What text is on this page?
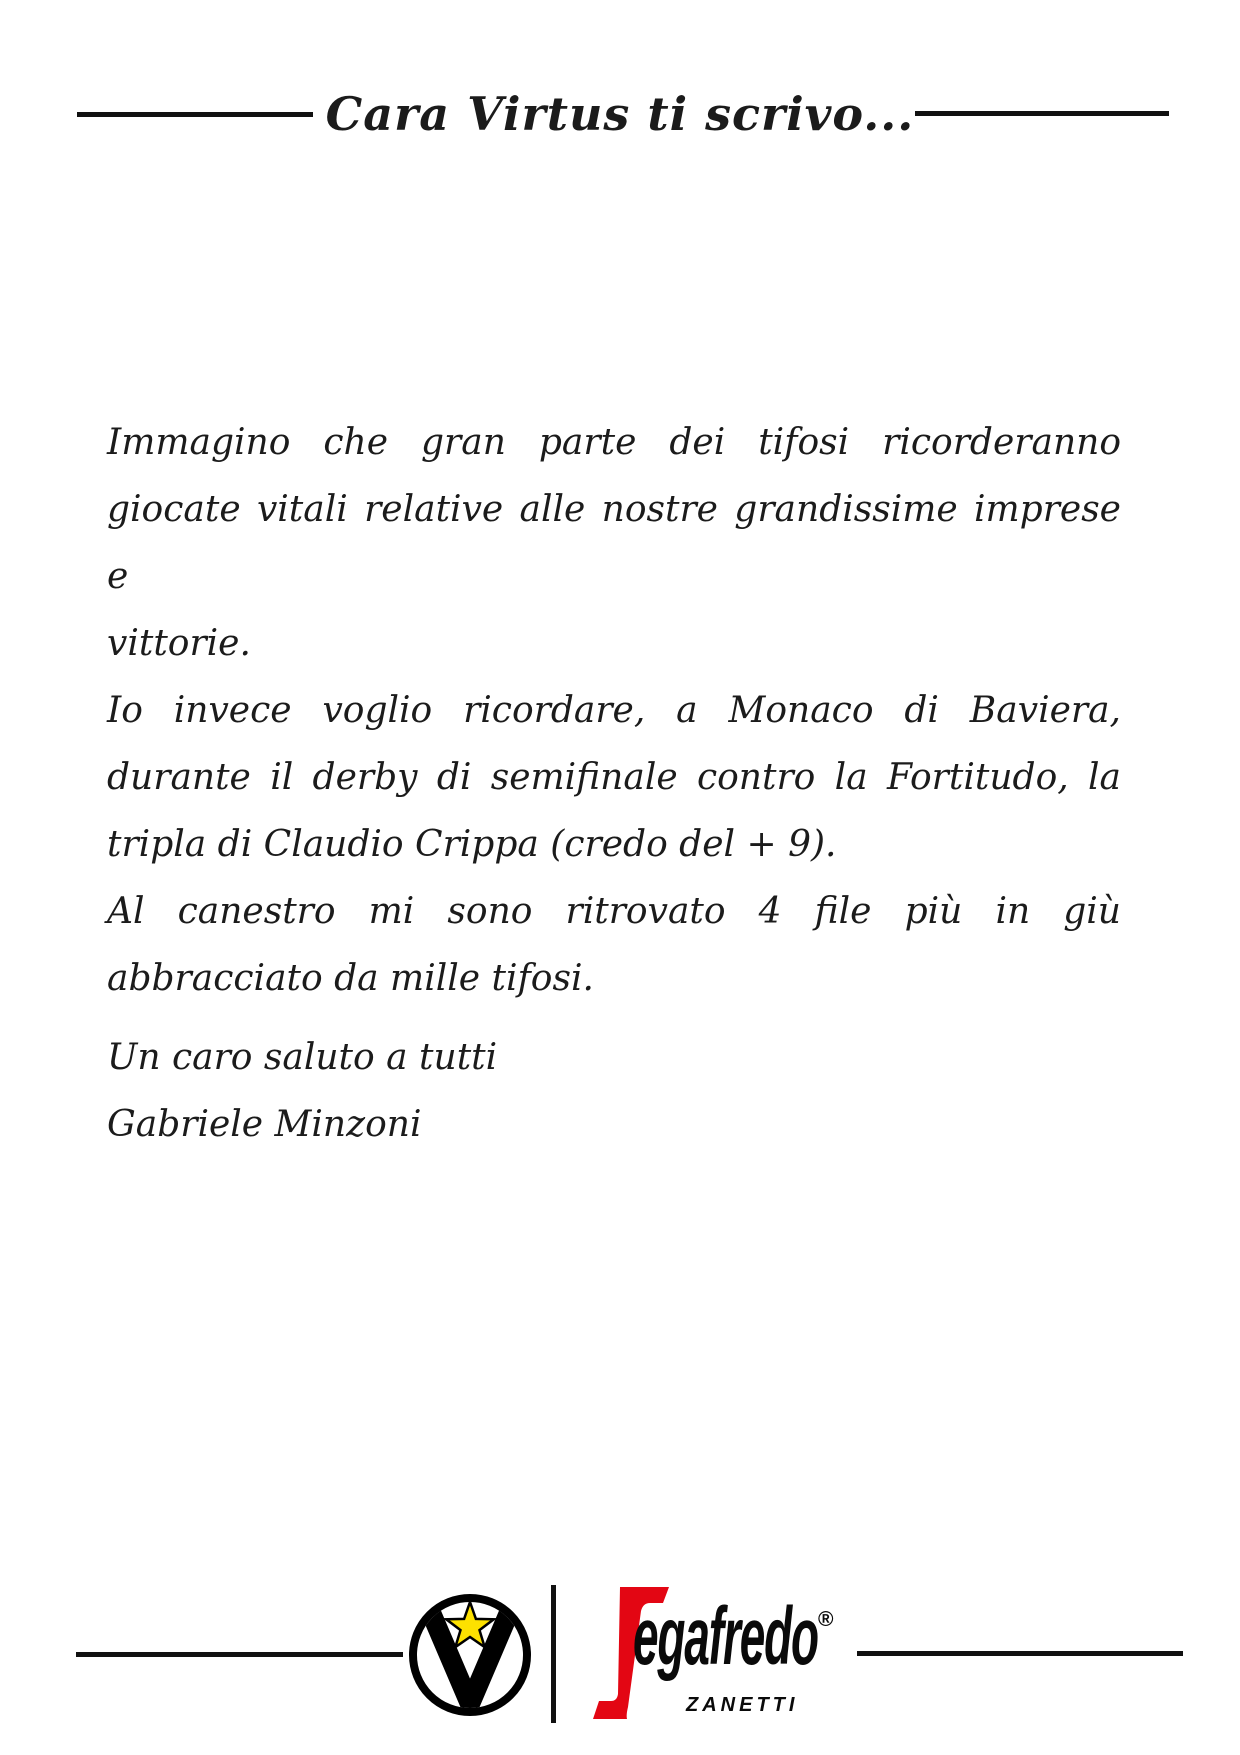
Cara Virtus ti scrivo...
Immagino che gran parte dei tifosi ricorderanno
giocate vitali relative alle nostre grandissime imprese e
vittorie.
Io invece voglio ricordare, a Monaco di Baviera,
durante il derby di semifinale contro la Fortitudo, la
tripla di Claudio Crippa (credo del + 9).
Al canestro mi sono ritrovato 4 file più in giù
abbracciato da mille tifosi.
Un caro saluto a tutti
Gabriele Minzoni
egafredo ®
ZANETTI
